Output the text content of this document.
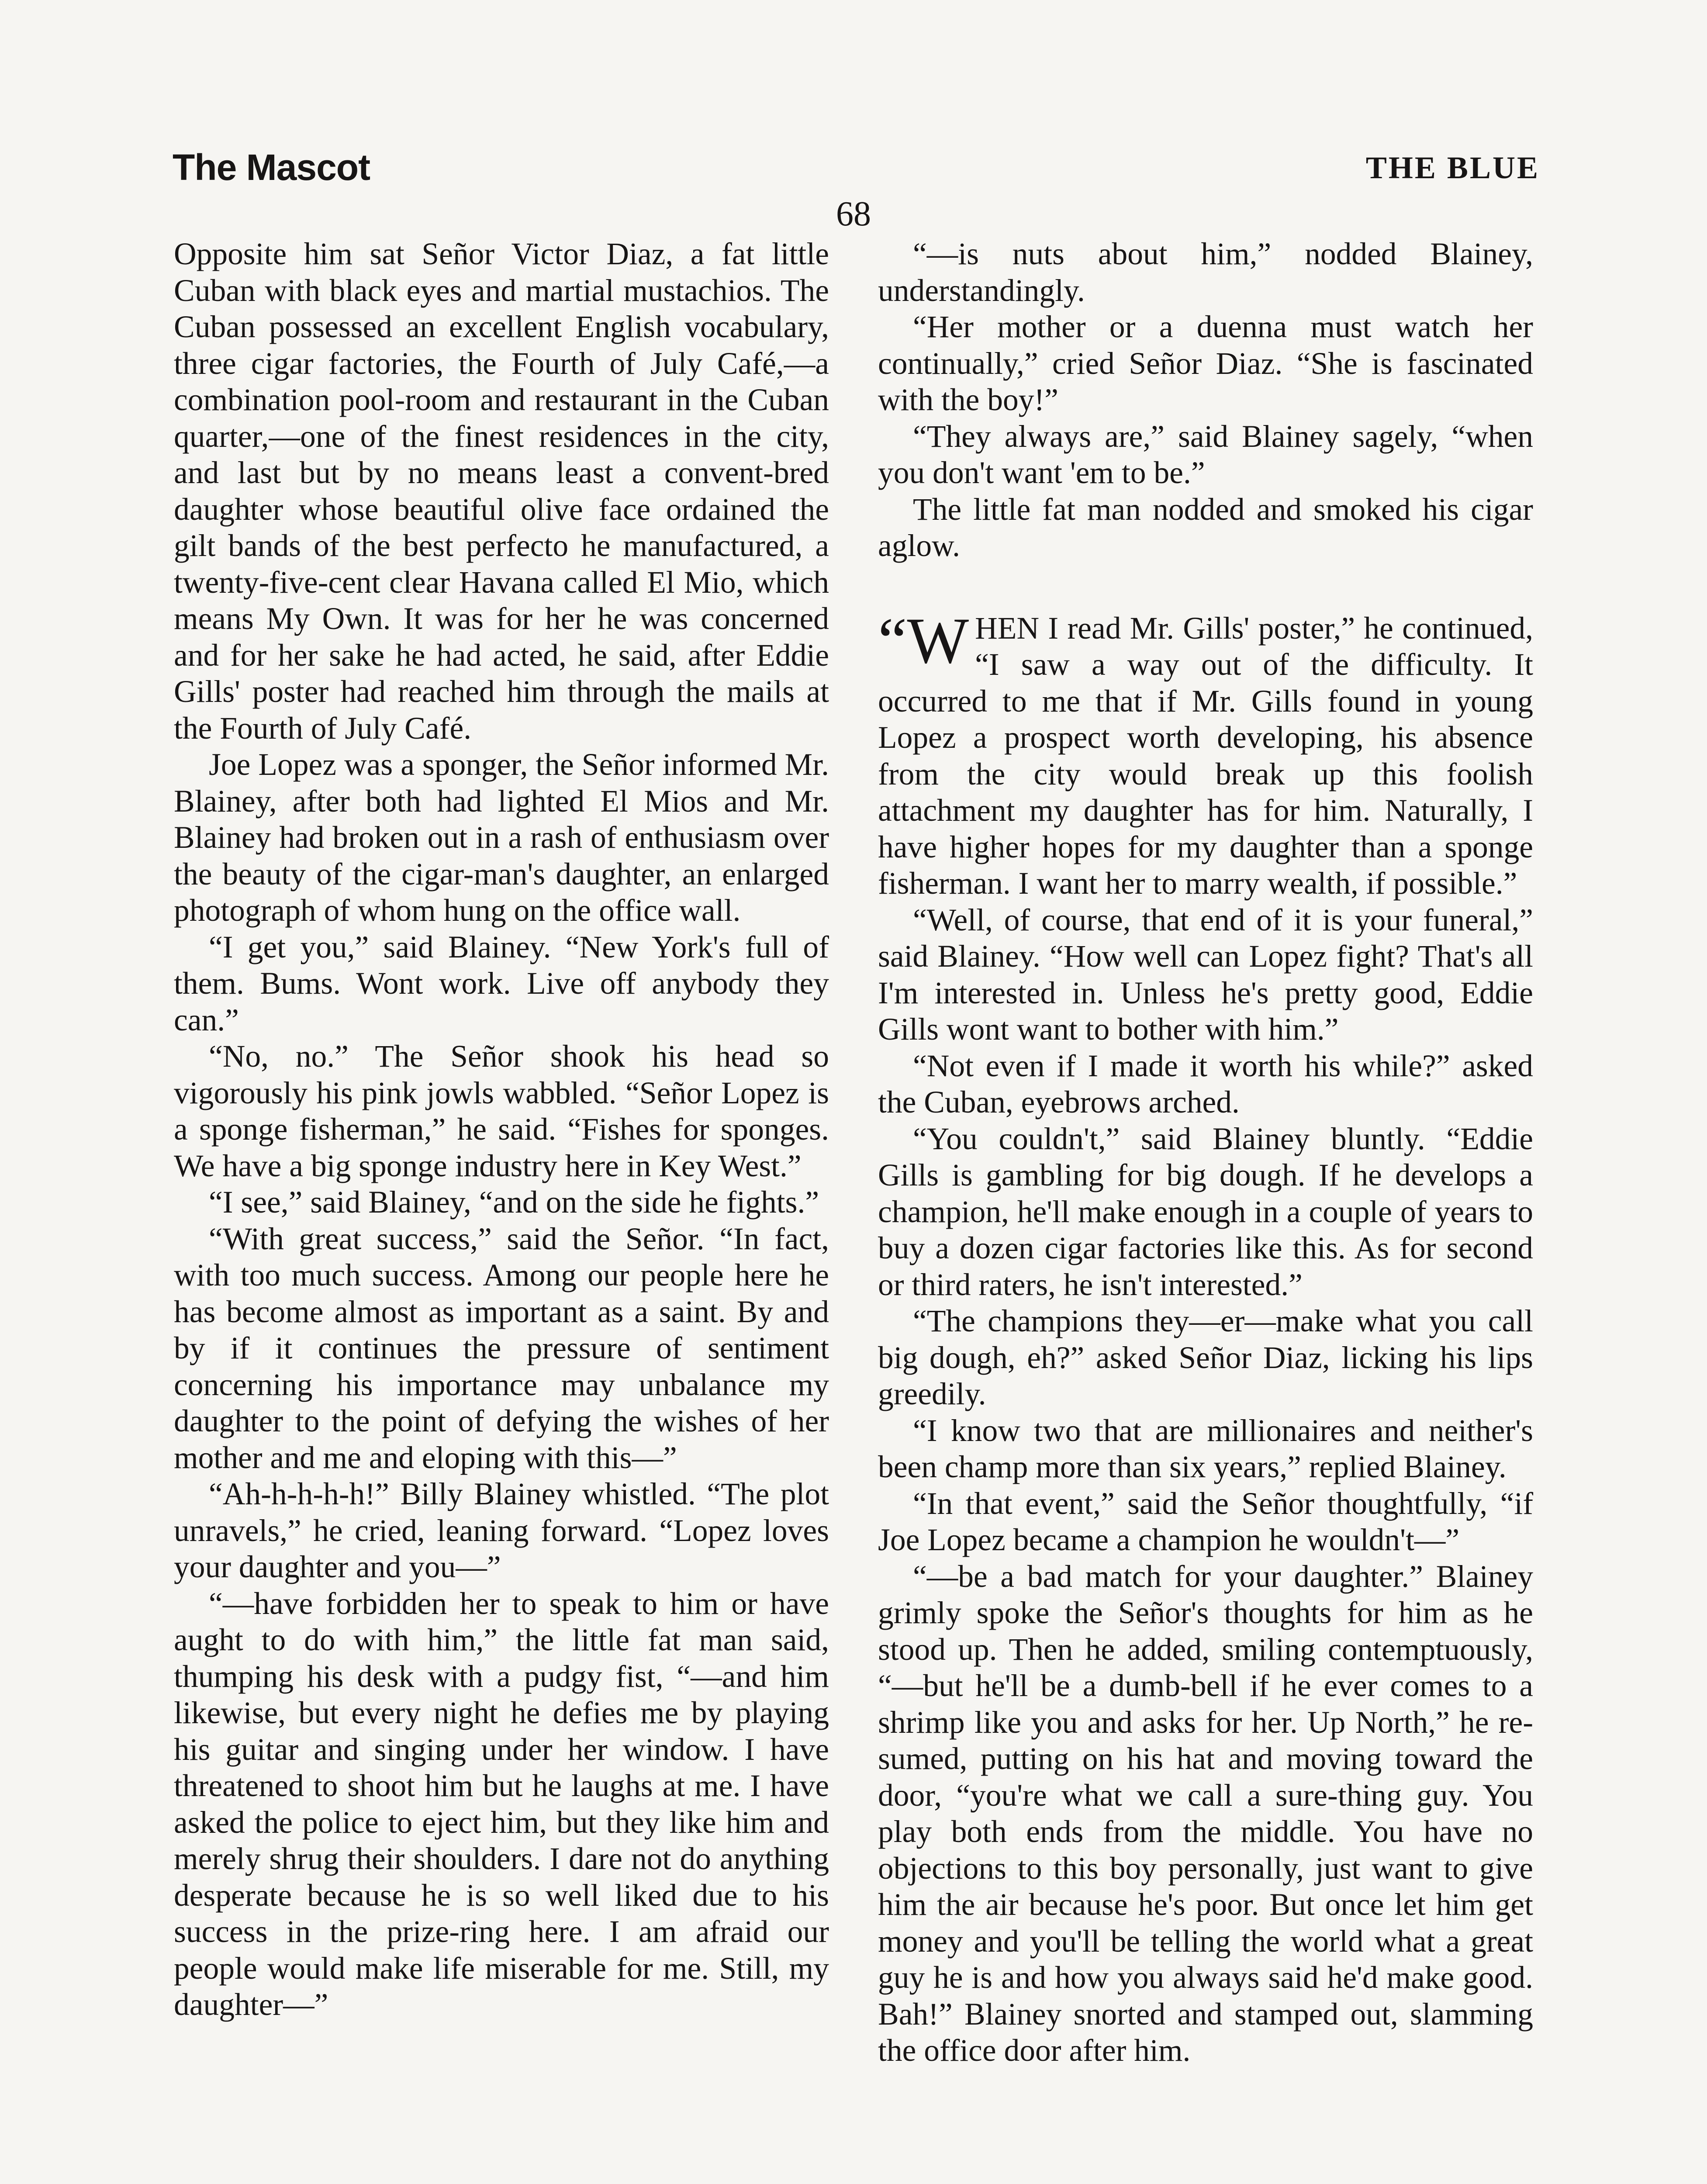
The Mascot	THE BLUE
68

Opposite him sat Señor Victor Diaz, a fat little Cuban with black eyes and martial mustachios. The Cuban possessed an excellent English vocabulary, three cigar factories, the Fourth of July Café,—a combination pool-room and restaurant in the Cuban quarter,—one of the finest residences in the city, and last but by no means least a convent-bred daughter whose beautiful olive face ordained the gilt bands of the best perfecto he manufactured, a twenty-five-cent clear Havana called El Mio, which means My Own. It was for her he was concerned and for her sake he had acted, he said, after Eddie Gills' poster had reached him through the mails at the Fourth of July Café.

Joe Lopez was a sponger, the Señor informed Mr. Blainey, after both had lighted El Mios and Mr. Blainey had broken out in a rash of enthusiasm over the beauty of the cigar-man's daughter, an enlarged photograph of whom hung on the office wall.

“I get you,” said Blainey. “New York's full of them. Bums. Wont work. Live off anybody they can.”

“No, no.” The Señor shook his head so vigorously his pink jowls wabbled. “Señor Lopez is a sponge fisherman,” he said. “Fishes for sponges. We have a big sponge industry here in Key West.”

“I see,” said Blainey, “and on the side he fights.”

“With great success,” said the Señor. “In fact, with too much success. Among our people here he has become almost as important as a saint. By and by if it continues the pressure of sentiment concerning his importance may unbalance my daughter to the point of defying the wishes of her mother and me and eloping with this—”

“Ah-h-h-h-h!” Billy Blainey whistled. “The plot unravels,” he cried, leaning forward. “Lopez loves your daughter and you—”

“—have forbidden her to speak to him or have aught to do with him,” the little fat man said, thumping his desk with a pudgy fist, “—and him likewise, but every night he defies me by playing his guitar and singing under her window. I have threatened to shoot him but he laughs at me. I have asked the police to eject him, but they like him and merely shrug their shoulders. I dare not do anything desperate because he is so well liked due to his success in the prize-ring here. I am afraid our people would make life miserable for me. Still, my daughter—”

“—is nuts about him,” nodded Blainey, understandingly.

“Her mother or a duenna must watch her continually,” cried Señor Diaz. “She is fascinated with the boy!”

“They always are,” said Blainey sagely, “when you don't want 'em to be.”

The little fat man nodded and smoked his cigar aglow.

“W HEN I read Mr. Gills' poster,” he continued, “I saw a way out of the difficulty. It occurred to me that if Mr. Gills found in young Lopez a prospect worth developing, his absence from the city would break up this foolish attachment my daughter has for him. Naturally, I have higher hopes for my daughter than a sponge fisherman. I want her to marry wealth, if possible.”

“Well, of course, that end of it is your funeral,” said Blainey. “How well can Lopez fight? That's all I'm interested in. Unless he's pretty good, Eddie Gills wont want to bother with him.”

“Not even if I made it worth his while?” asked the Cuban, eyebrows arched.

“You couldn't,” said Blainey bluntly. “Eddie Gills is gambling for big dough. If he develops a champion, he'll make enough in a couple of years to buy a dozen cigar factories like this. As for second or third raters, he isn't interested.”

“The champions they—er—make what you call big dough, eh?” asked Señor Diaz, licking his lips greedily.

“I know two that are millionaires and neither's been champ more than six years,” replied Blainey.

“In that event,” said the Señor thoughtfully, “if Joe Lopez became a champion he wouldn't—”

“—be a bad match for your daughter.” Blainey grimly spoke the Señor's thoughts for him as he stood up. Then he added, smiling contemptuously, “—but he'll be a dumb-bell if he ever comes to a shrimp like you and asks for her. Up North,” he resumed, putting on his hat and moving toward the door, “you're what we call a sure-thing guy. You play both ends from the middle. You have no objections to this boy personally, just want to give him the air because he's poor. But once let him get money and you'll be telling the world what a great guy he is and how you always said he'd make good. Bah!” Blainey snorted and stamped out, slamming the office door after him.
